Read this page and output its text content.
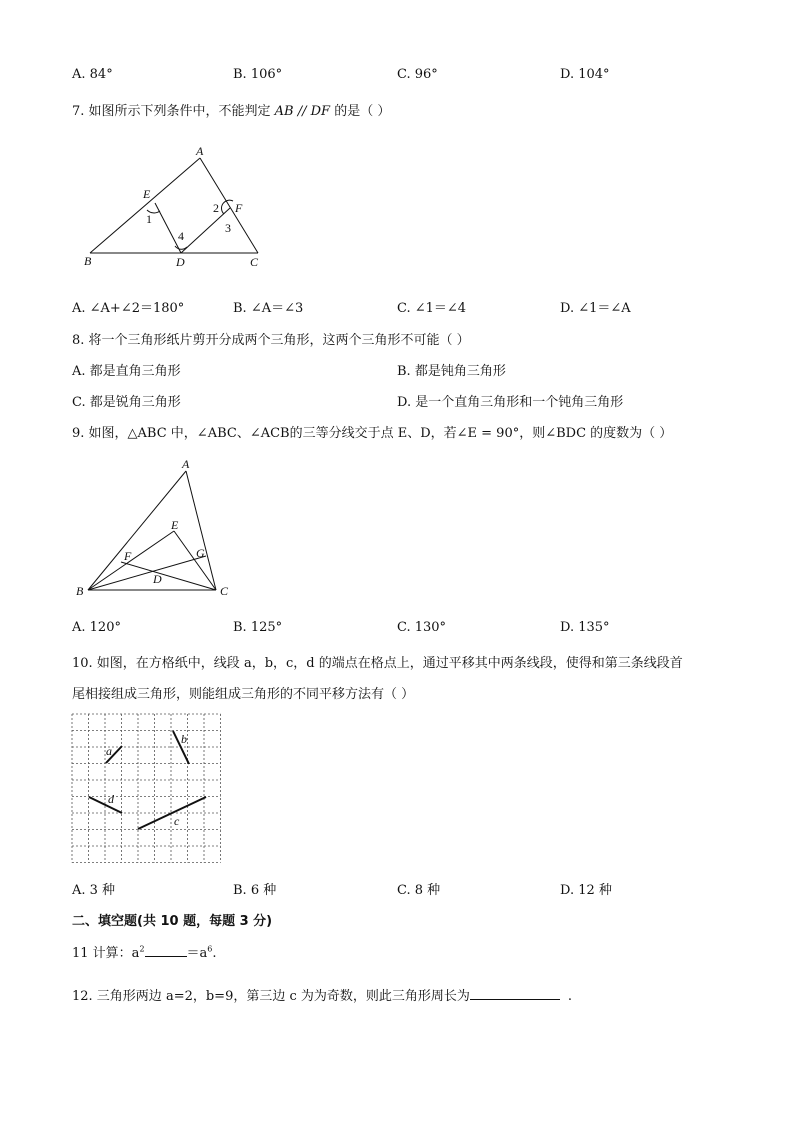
A. 84°	B. 106°	C. 96°	D. 104°
7. 如图所示下列条件中，不能判定 AB // DF 的是（ ）
A
B	C
D
E
F
1
2
3
4
A. ∠A+∠2＝180°	B. ∠A＝∠3	C. ∠1＝∠4	D. ∠1＝∠A
8. 将一个三角形纸片剪开分成两个三角形，这两个三角形不可能（ ）
A. 都是直角三角形	B. 都是钝角三角形
C. 都是锐角三角形	D. 是一个直角三角形和一个钝角三角形
9. 如图，△ABC 中，∠ABC、∠ACB的三等分线交于点 E、D，若∠E = 90°，则∠BDC 的度数为（ ）
A
B	C
D
E
F	G
A. 120°	B. 125°	C. 130°	D. 135°
10. 如图，在方格纸中，线段 a，b，c，d 的端点在格点上，通过平移其中两条线段，使得和第三条线段首
尾相接组成三角形，则能组成三角形的不同平移方法有（ ）
a
b
c
d
A. 3 种	B. 6 种	C. 8 种	D. 12 种
二、填空题(共 10 题，每题 3 分)
11 计算：$a^2$	$=a^6$.
12. 三角形两边 a=2，b=9，第三边 c 为为奇数，则此三角形周长为	.
